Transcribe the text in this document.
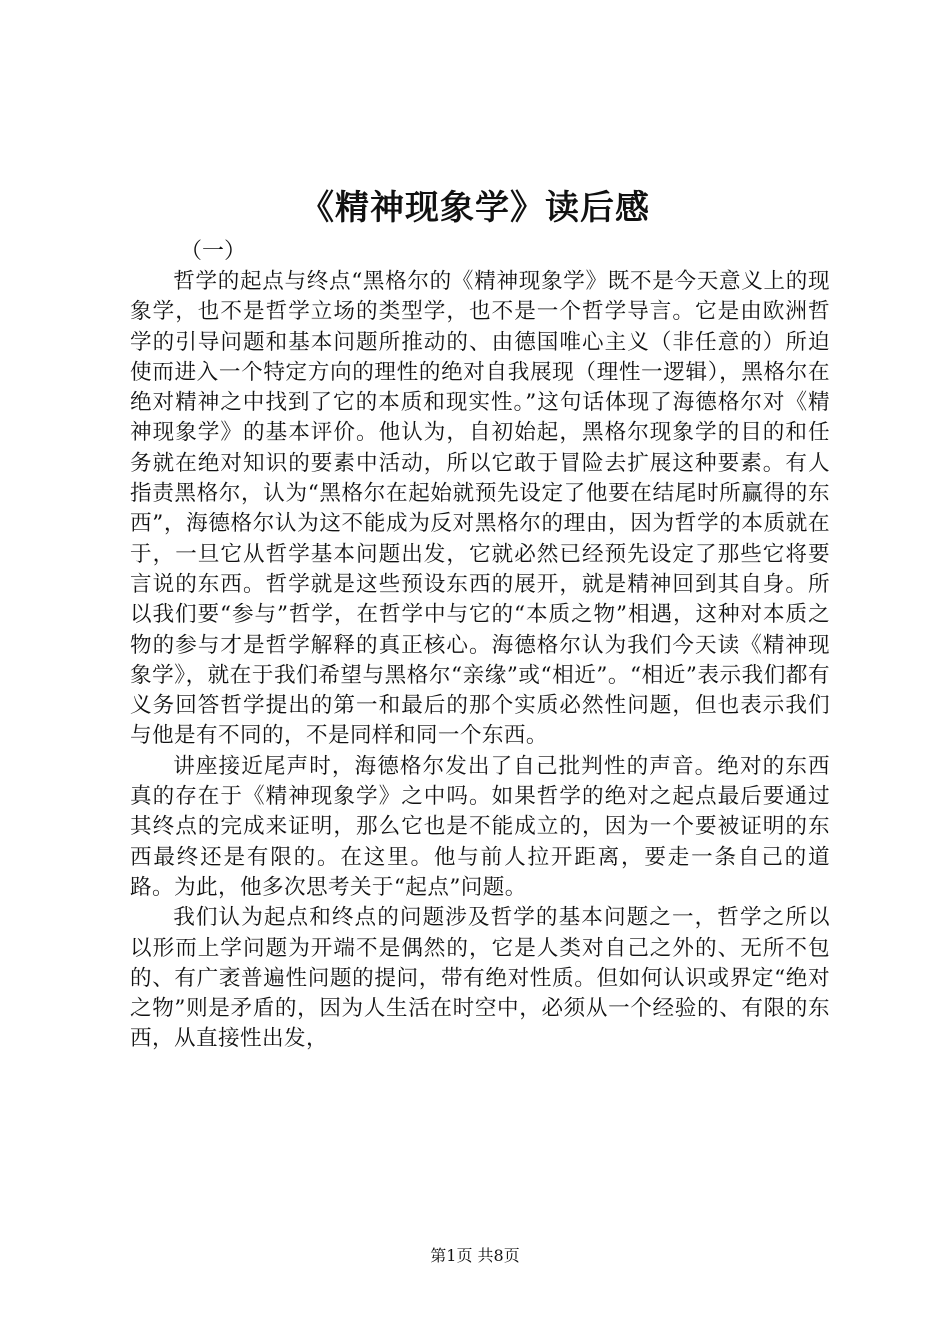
《精神现象学》读后感
（一）

哲学的起点与终点“黑格尔的《精神现象学》既不是今天意义上的现象学，也不是哲学立场的类型学，也不是一个哲学导言。它是由欧洲哲学的引导问题和基本问题所推动的、由德国唯心主义（非任意的）所迫使而进入一个特定方向的理性的绝对自我展现（理性一逻辑），黑格尔在绝对精神之中找到了它的本质和现实性。”这句话体现了海德格尔对《精神现象学》的基本评价。他认为，自初始起，黑格尔现象学的目的和任务就在绝对知识的要素中活动，所以它敢于冒险去扩展这种要素。有人指责黑格尔，认为“黑格尔在起始就预先设定了他要在结尾时所赢得的东西”，海德格尔认为这不能成为反对黑格尔的理由，因为哲学的本质就在于，一旦它从哲学基本问题出发，它就必然已经预先设定了那些它将要言说的东西。哲学就是这些预设东西的展开，就是精神回到其自身。所以我们要“参与”哲学，在哲学中与它的“本质之物”相遇，这种对本质之物的参与才是哲学解释的真正核心。海德格尔认为我们今天读《精神现象学》，就在于我们希望与黑格尔“亲缘”或“相近”。“相近”表示我们都有义务回答哲学提出的第一和最后的那个实质必然性问题，但也表示我们与他是有不同的，不是同样和同一个东西。

讲座接近尾声时，海德格尔发出了自己批判性的声音。绝对的东西真的存在于《精神现象学》之中吗。如果哲学的绝对之起点最后要通过其终点的完成来证明，那么它也是不能成立的，因为一个要被证明的东西最终还是有限的。在这里。他与前人拉开距离，要走一条自己的道路。为此，他多次思考关于“起点”问题。

我们认为起点和终点的问题涉及哲学的基本问题之一，哲学之所以以形而上学问题为开端不是偶然的，它是人类对自己之外的、无所不包的、有广袤普遍性问题的提问，带有绝对性质。但如何认识或界定“绝对之物”则是矛盾的，因为人生活在时空中，必须从一个经验的、有限的东西，从直接性出发，

第1页 共8页
